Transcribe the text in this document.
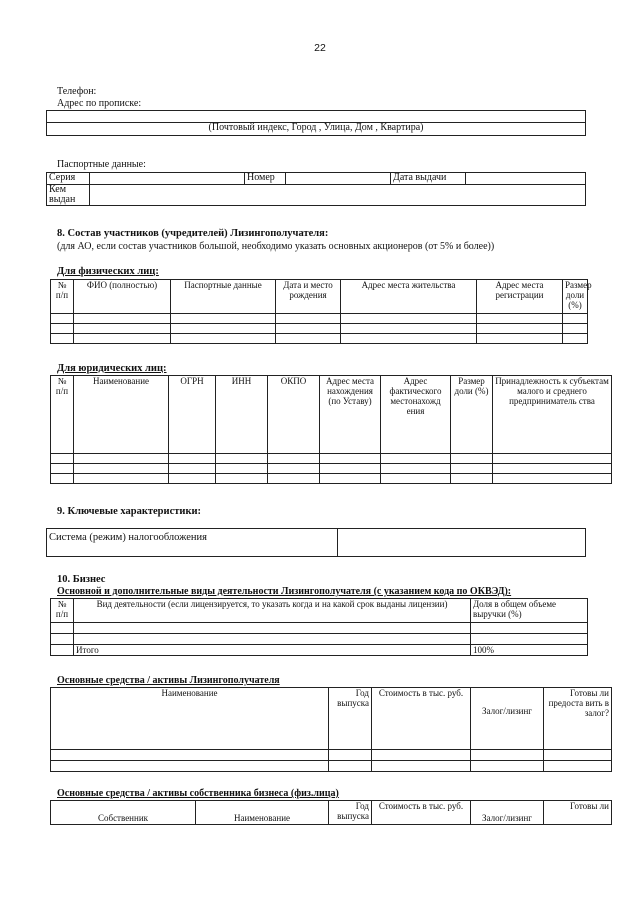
22
Телефон:
Адрес по прописке:

(Почтовый индекс, Город , Улица, Дом , Квартира)
Паспортные данные:
Серия		Номер		Дата выдачи	
Кем выдан					
8. Состав участников (учредителей) Лизингополучателя:
(для АО, если состав участников большой, необходимо указать основных акционеров (от 5% и более))
Для физических лиц:
№ п/п	ФИО (полностью)	Паспортные данные	Дата и место рождения	Адрес места жительства	Адрес места регистрации	Размер доли (%)

Для юридических лиц:
№ п/п	Наименование	ОГРН	ИНН	ОКПО	Адрес места нахождения (по Уставу)	Адрес фактического местонахожд ения	Размер доли (%)	Принадлежность к субъектам малого и среднего предприниматель ства

9. Ключевые характеристики:
Система (режим) налогообложения	
10. Бизнес
Основной и дополнительные виды деятельности Лизингополучателя (с указанием кода по ОКВЭД):
№ п/п	Вид деятельности (если лицензируется, то указать когда и на какой срок выданы лицензии)	Доля в общем объеме выручки (%)

	Итого	100%
Основные средства / активы Лизингополучателя
Наименование	Год выпуска	Стоимость в тыс. руб.	Залог/лизинг	Готовы ли предоста вить в залог?

Основные средства / активы собственника бизнеса (физ.лица)
Собственник	Наименование	Год выпуска	Стоимость в тыс. руб.	Залог/лизинг	Готовы ли
